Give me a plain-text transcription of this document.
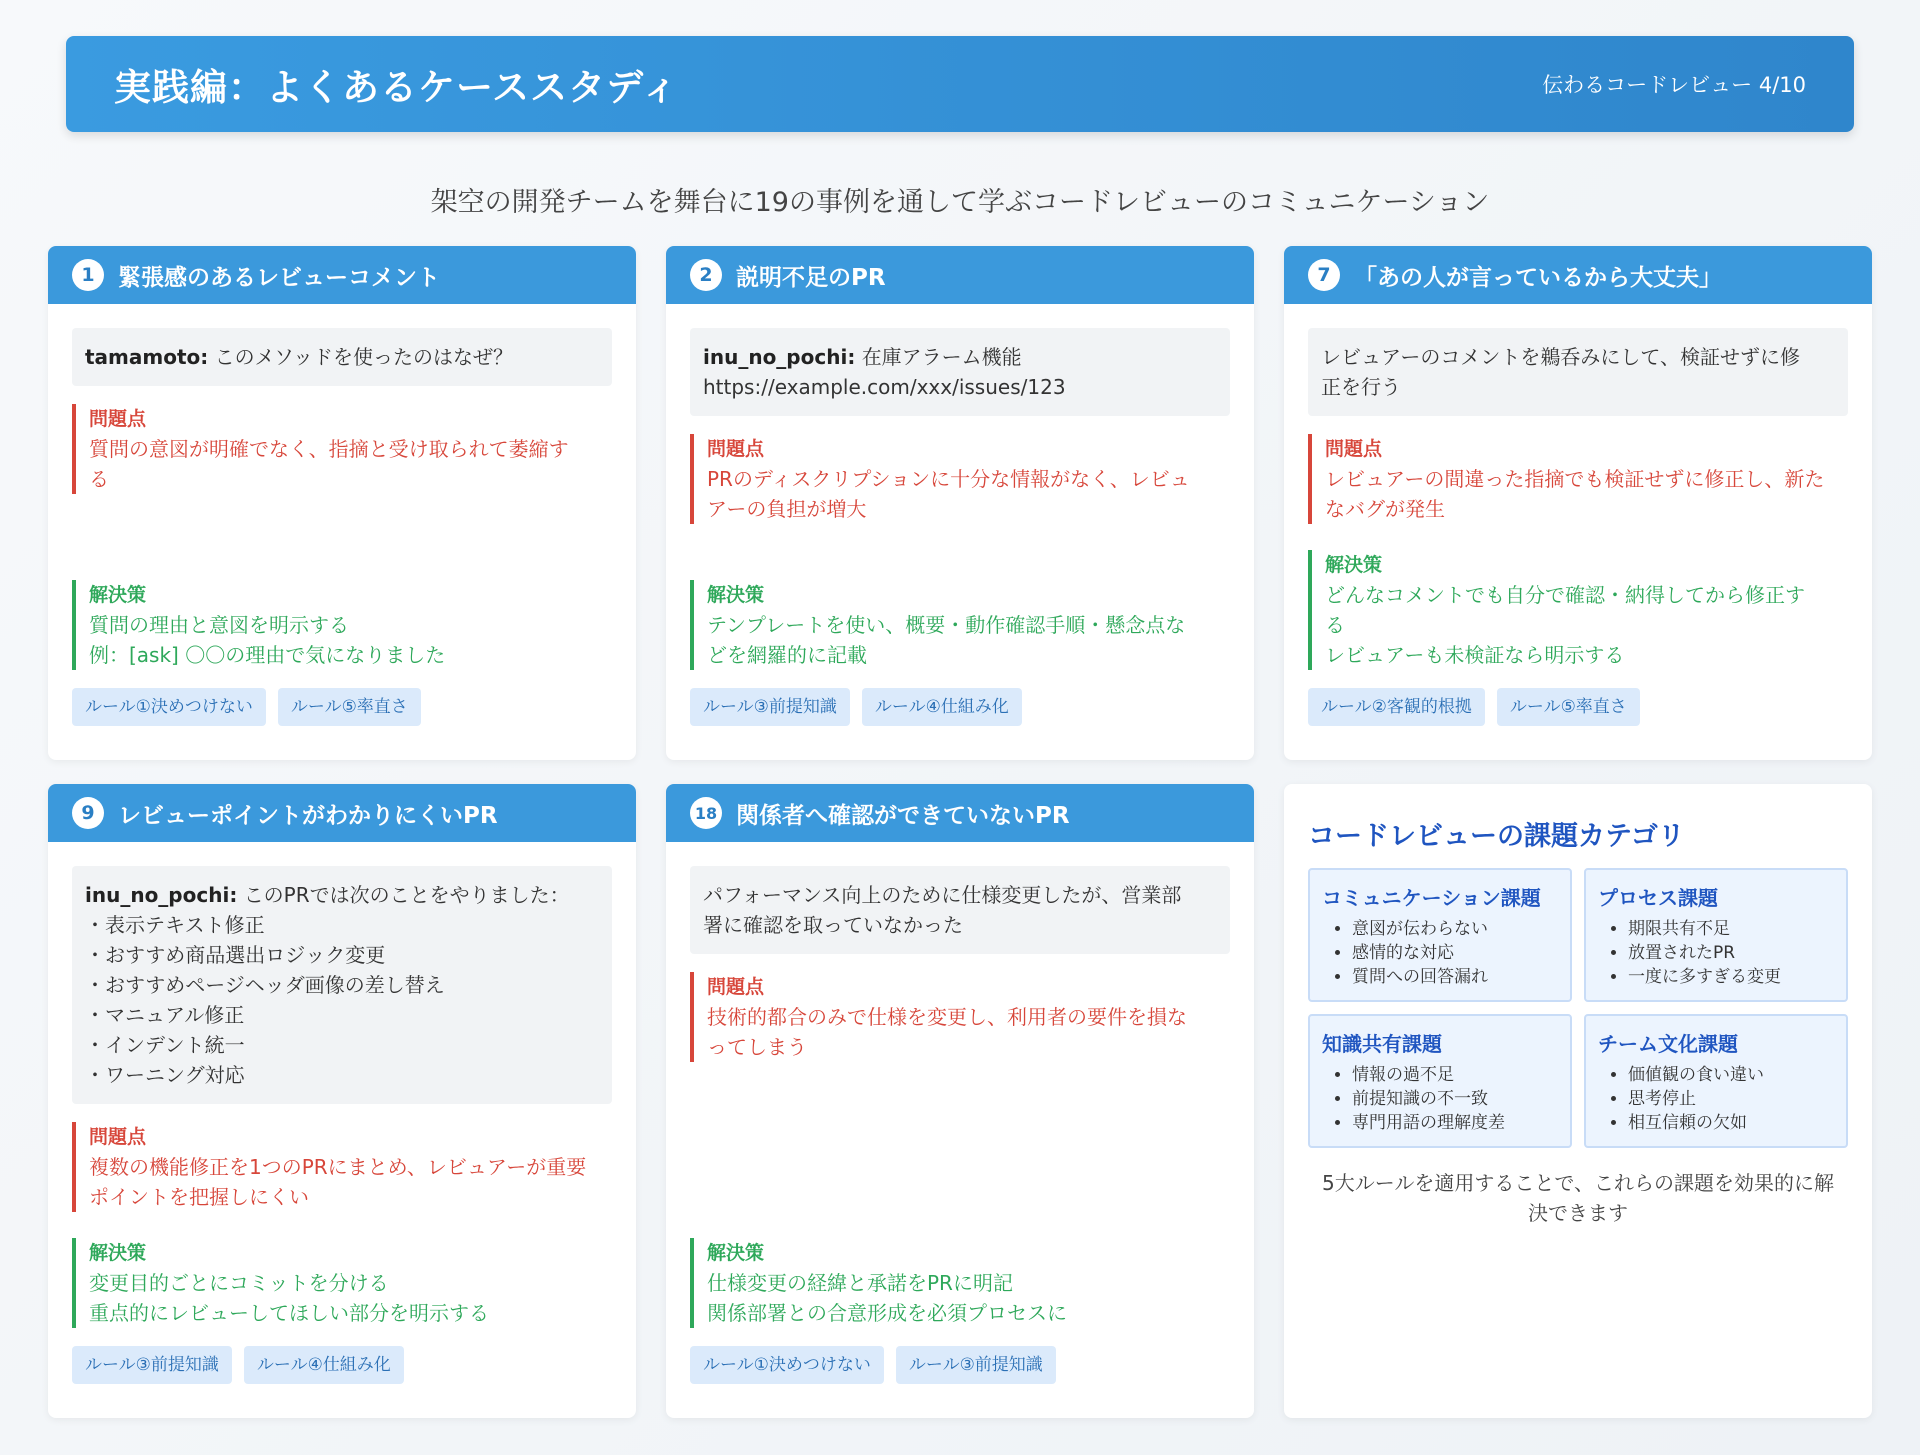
実践編：よくあるケーススタディ	伝わるコードレビュー 4/10
架空の開発チームを舞台に19の事例を通して学ぶコードレビューのコミュニケーション
1	緊張感のあるレビューコメント
tamamoto: このメソッドを使ったのはなぜ？
問題点
質問の意図が明確でなく、指摘と受け取られて萎縮す
る
解決策
質問の理由と意図を明示する
例：[ask] 〇〇の理由で気になりました
ルール①決めつけない	ルール⑤率直さ
2	説明不足のPR
inu_no_pochi: 在庫アラーム機能
https://example.com/xxx/issues/123
問題点
PRのディスクリプションに十分な情報がなく、レビュ
アーの負担が増大
解決策
テンプレートを使い、概要・動作確認手順・懸念点な
どを網羅的に記載
ルール③前提知識	ルール④仕組み化
7	「あの人が言っているから大丈夫」
レビュアーのコメントを鵜呑みにして、検証せずに修
正を行う
問題点
レビュアーの間違った指摘でも検証せずに修正し、新た
なバグが発生
解決策
どんなコメントでも自分で確認・納得してから修正す
る
レビュアーも未検証なら明示する
ルール②客観的根拠	ルール⑤率直さ
9	レビューポイントがわかりにくいPR
inu_no_pochi: このPRでは次のことをやりました：
・表示テキスト修正
・おすすめ商品選出ロジック変更
・おすすめページヘッダ画像の差し替え
・マニュアル修正
・インデント統一
・ワーニング対応
問題点
複数の機能修正を1つのPRにまとめ、レビュアーが重要
ポイントを把握しにくい
解決策
変更目的ごとにコミットを分ける
重点的にレビューしてほしい部分を明示する
ルール③前提知識	ルール④仕組み化
18 関係者へ確認ができていないPR
パフォーマンス向上のために仕様変更したが、営業部
署に確認を取っていなかった
問題点
技術的都合のみで仕様を変更し、利用者の要件を損な
ってしまう
解決策
仕様変更の経緯と承諾をPRに明記
関係部署との合意形成を必須プロセスに
ルール①決めつけない	ルール③前提知識
コードレビューの課題カテゴリ
コミュニケーション課題
• 意図が伝わらない
• 感情的な対応
• 質問への回答漏れ
プロセス課題
• 期限共有不足
• 放置されたPR
• 一度に多すぎる変更
知識共有課題
• 情報の過不足
• 前提知識の不一致
• 専門用語の理解度差
チーム文化課題
• 価値観の食い違い
• 思考停止
• 相互信頼の欠如
5大ルールを適用することで、これらの課題を効果的に解
決できます
